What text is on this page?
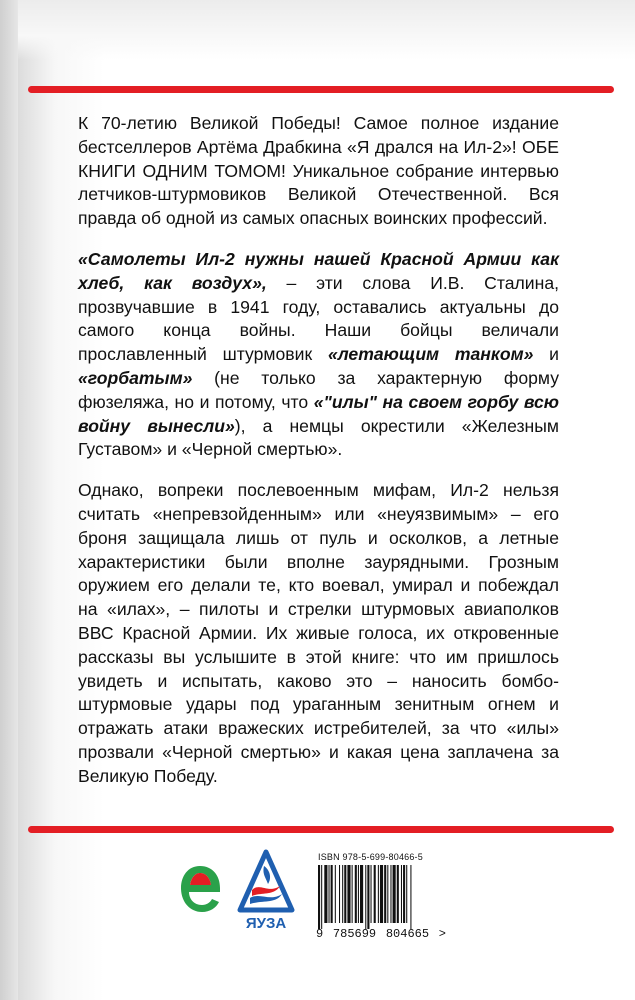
К 70-летию Великой Победы! Самое полное издание бестселлеров Артёма Драбкина «Я дрался на Ил-2»! ОБЕ КНИГИ ОДНИМ ТОМОМ! Уникальное собрание интервью летчиков-штурмовиков Великой Отечественной. Вся правда об одной из самых опасных воинских профессий.

«Самолеты Ил-2 нужны нашей Красной Армии как хлеб, как воздух», – эти слова И.В. Сталина, прозвучавшие в 1941 году, оставались актуальны до самого конца войны. Наши бойцы величали прославленный штурмовик «летающим танком» и «горбатым» (не только за характерную форму фюзеляжа, но и потому, что «"илы" на своем горбу всю войну вынесли»), а немцы окрестили «Железным Густавом» и «Черной смертью».

Однако, вопреки послевоенным мифам, Ил-2 нельзя считать «непревзойденным» или «неуязвимым» – его броня защищала лишь от пуль и осколков, а летные характеристики были вполне заурядными. Грозным оружием его делали те, кто воевал, умирал и побеждал на «илах», – пилоты и стрелки штурмовых авиаполков ВВС Красной Армии. Их живые голоса, их откровенные рассказы вы услышите в этой книге: что им пришлось увидеть и испытать, каково это – наносить бомбо-штурмовые удары под ураганным зенитным огнем и отражать атаки вражеских истребителей, за что «илы» прозвали «Черной смертью» и какая цена заплачена за Великую Победу.

ЯУЗА
ISBN 978-5-699-80466-5
9 785699 804665 >
